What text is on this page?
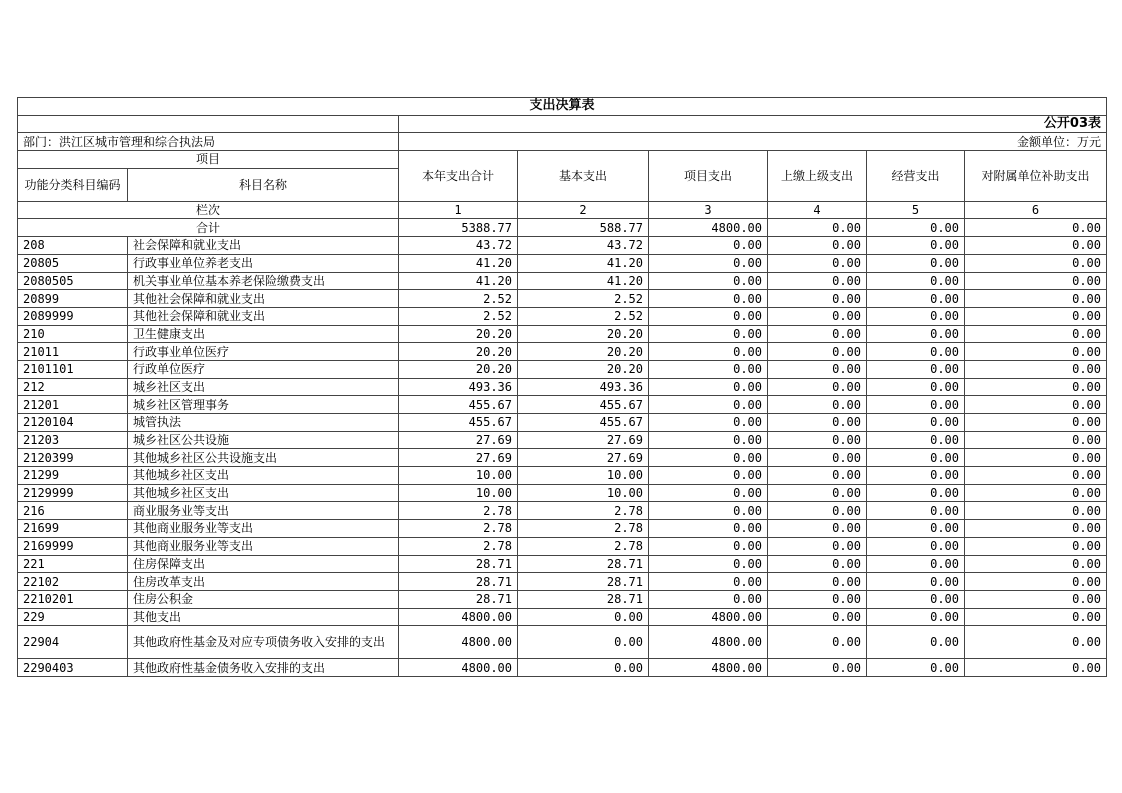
支出决算表							
		公开03表					
部门：洪江区城市管理和综合执法局		金额单位：万元					
项目		本年支出合计	基本支出	项目支出	上缴上级支出	经营支出	对附属单位补助支出
功能分类科目编码	科目名称						
栏次		1	2	3	4	5	6
合计		5388.77	588.77	4800.00	0.00	0.00	0.00
208	社会保障和就业支出	43.72	43.72	0.00	0.00	0.00	0.00
20805	行政事业单位养老支出	41.20	41.20	0.00	0.00	0.00	0.00
2080505	机关事业单位基本养老保险缴费支出	41.20	41.20	0.00	0.00	0.00	0.00
20899	其他社会保障和就业支出	2.52	2.52	0.00	0.00	0.00	0.00
2089999	其他社会保障和就业支出	2.52	2.52	0.00	0.00	0.00	0.00
210	卫生健康支出	20.20	20.20	0.00	0.00	0.00	0.00
21011	行政事业单位医疗	20.20	20.20	0.00	0.00	0.00	0.00
2101101	行政单位医疗	20.20	20.20	0.00	0.00	0.00	0.00
212	城乡社区支出	493.36	493.36	0.00	0.00	0.00	0.00
21201	城乡社区管理事务	455.67	455.67	0.00	0.00	0.00	0.00
2120104	城管执法	455.67	455.67	0.00	0.00	0.00	0.00
21203	城乡社区公共设施	27.69	27.69	0.00	0.00	0.00	0.00
2120399	其他城乡社区公共设施支出	27.69	27.69	0.00	0.00	0.00	0.00
21299	其他城乡社区支出	10.00	10.00	0.00	0.00	0.00	0.00
2129999	其他城乡社区支出	10.00	10.00	0.00	0.00	0.00	0.00
216	商业服务业等支出	2.78	2.78	0.00	0.00	0.00	0.00
21699	其他商业服务业等支出	2.78	2.78	0.00	0.00	0.00	0.00
2169999	其他商业服务业等支出	2.78	2.78	0.00	0.00	0.00	0.00
221	住房保障支出	28.71	28.71	0.00	0.00	0.00	0.00
22102	住房改革支出	28.71	28.71	0.00	0.00	0.00	0.00
2210201	住房公积金	28.71	28.71	0.00	0.00	0.00	0.00
229	其他支出	4800.00	0.00	4800.00	0.00	0.00	0.00
22904	其他政府性基金及对应专项债务收入安排的支出	4800.00	0.00	4800.00	0.00	0.00	0.00
2290403	其他政府性基金债务收入安排的支出	4800.00	0.00	4800.00	0.00	0.00	0.00
